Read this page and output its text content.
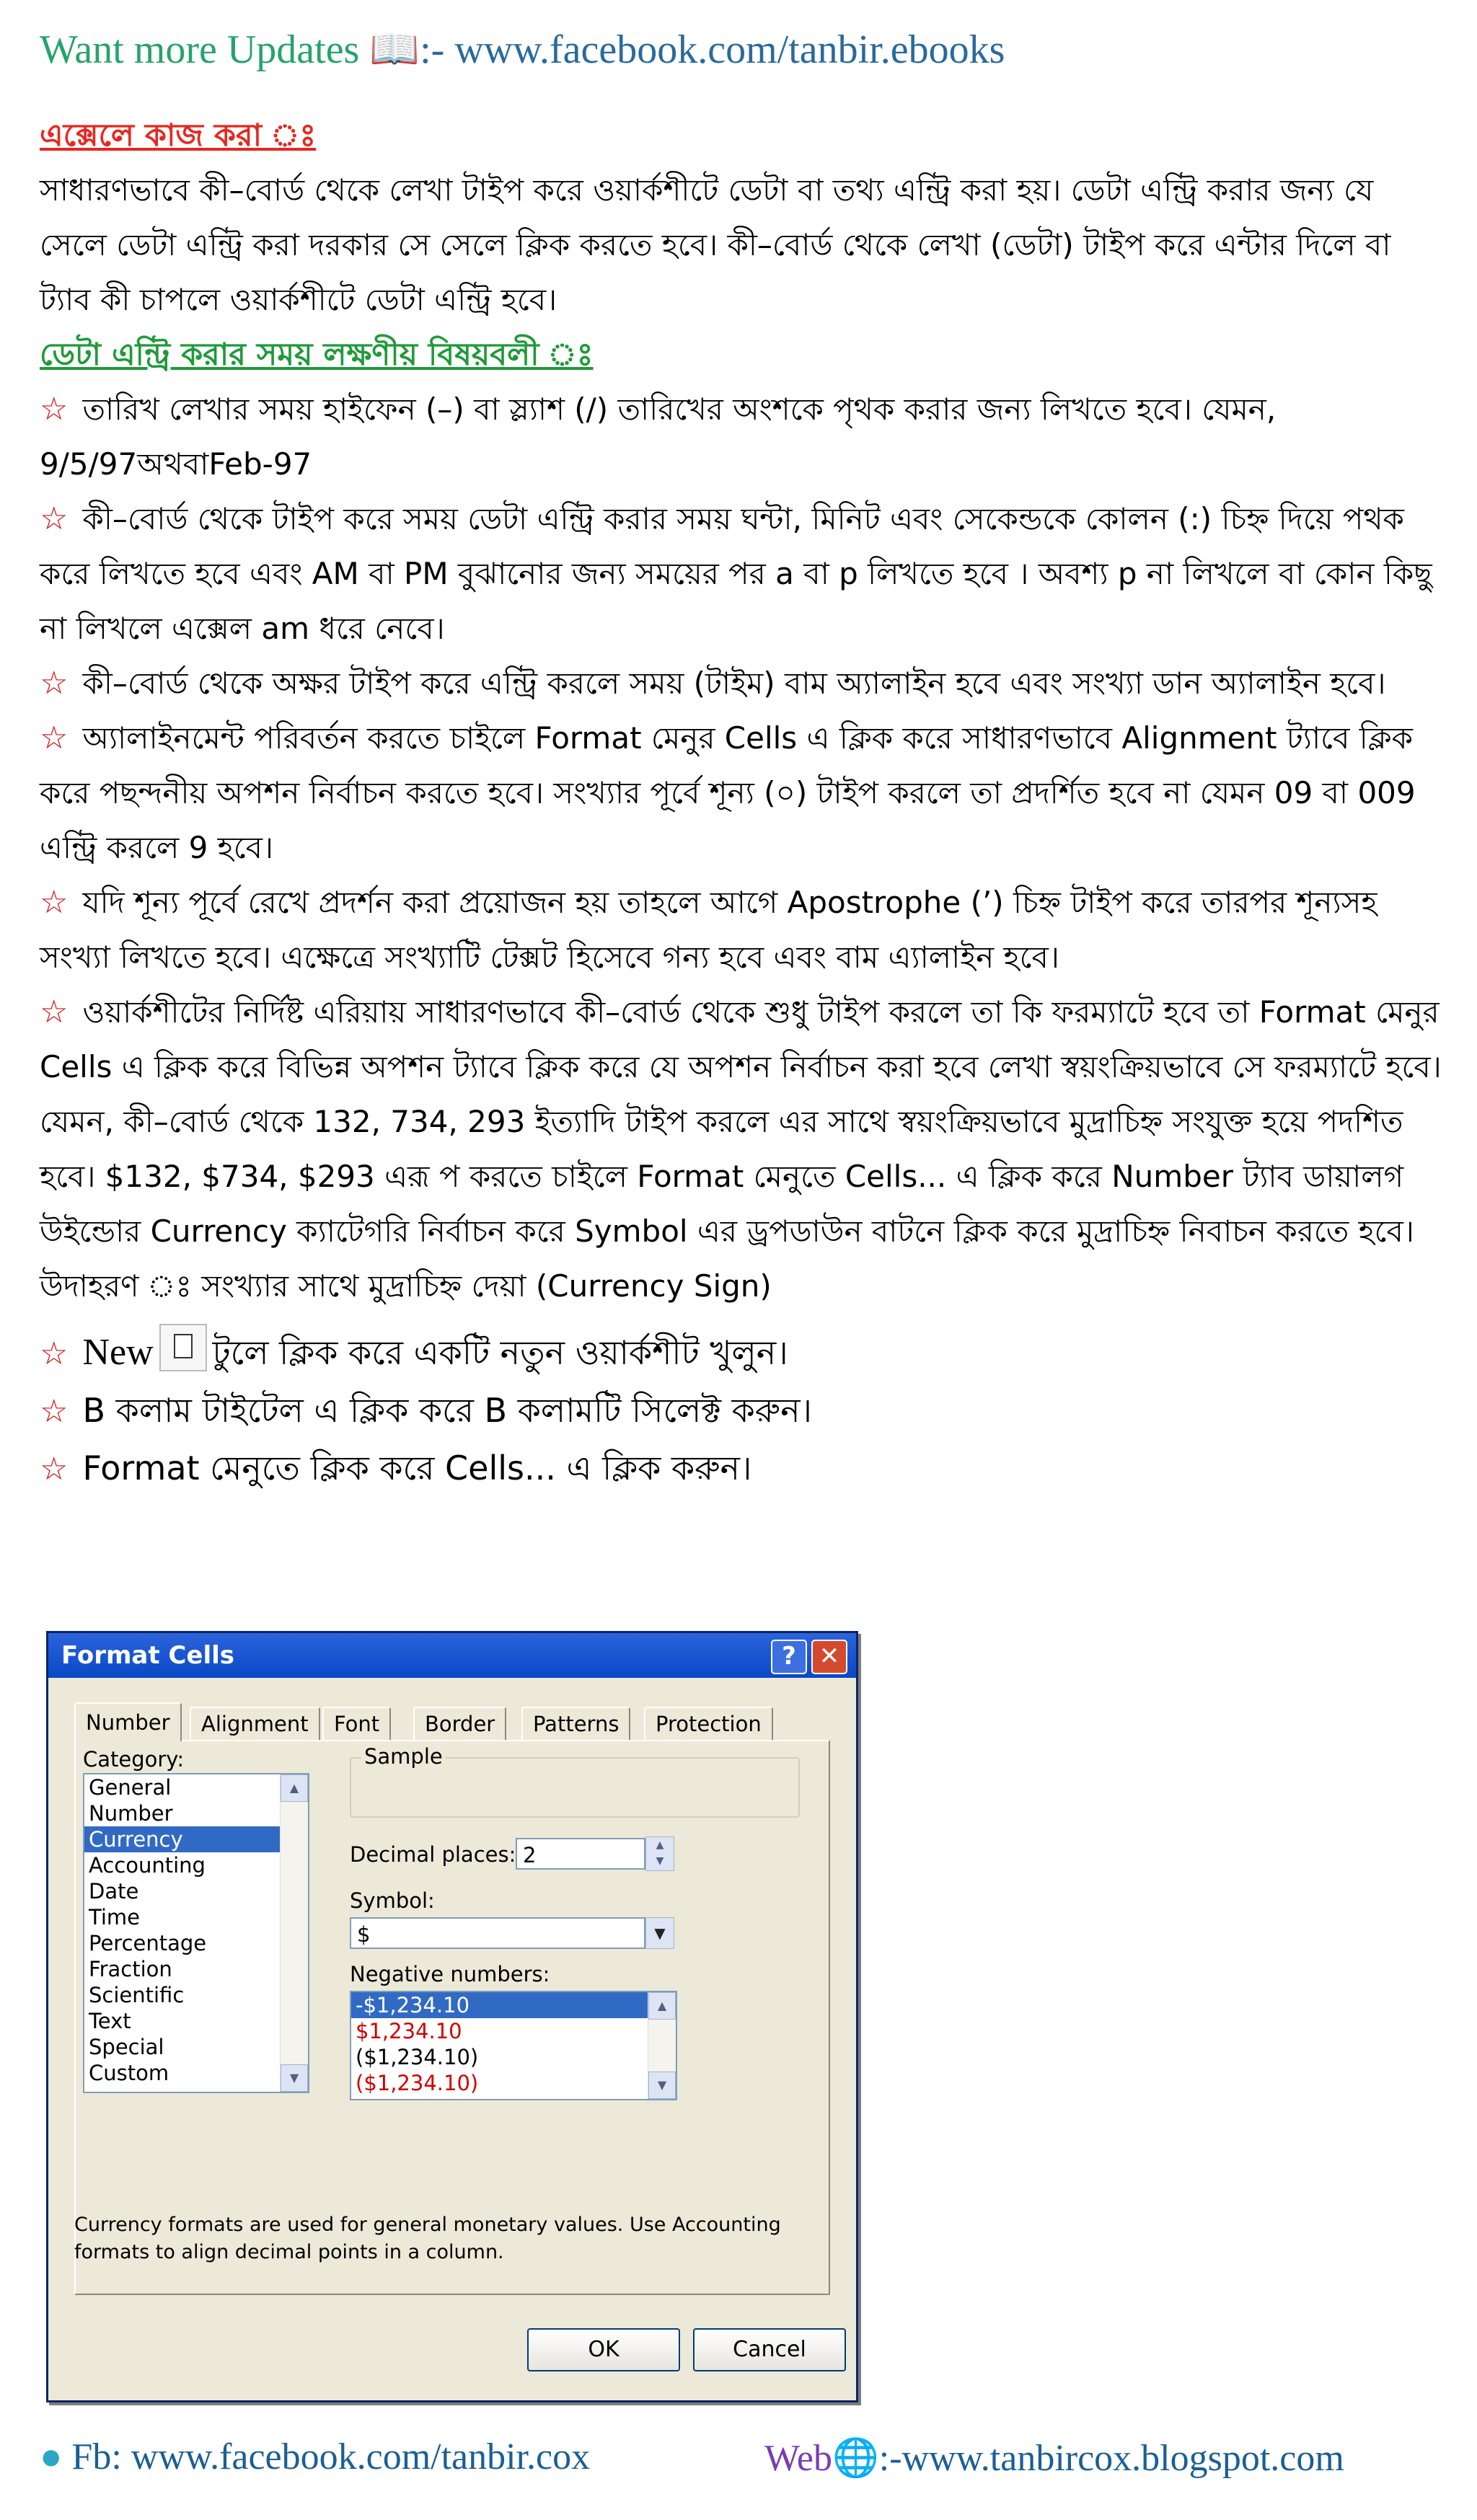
Want more Updates 📖:- www.facebook.com/tanbir.ebooks

এক্সেলে কাজ করা ঃ

সাধারণভাবে কী–বোর্ড থেকে লেখা টাইপ করে ওয়ার্কশীটে ডেটা বা তথ্য এন্ট্রি করা হয়। ডেটা এন্ট্রি করার জন্য যে সেলে ডেটা এন্ট্রি করা দরকার সে সেলে ক্লিক করতে হবে। কী–বোর্ড থেকে লেখা (ডেটা) টাইপ করে এন্টার দিলে বা ট্যাব কী চাপলে ওয়ার্কশীটে ডেটা এন্ট্রি হবে।

ডেটা এন্ট্রি করার সময় লক্ষণীয় বিষয়বলী ঃ

☆ তারিখ লেখার সময় হাইফেন (–) বা স্ল্যাশ (/) তারিখের অংশকে পৃথক করার জন্য লিখতে হবে। যেমন, 9/5/97অথবাFeb-97

☆ কী–বোর্ড থেকে টাইপ করে সময় ডেটা এন্ট্রি করার সময় ঘন্টা, মিনিট এবং সেকেন্ডকে কোলন (:) চিহ্ন দিয়ে পথক করে লিখতে হবে এবং AM বা PM বুঝানোর জন্য সময়ের পর a বা p লিখতে হবে । অবশ্য p না লিখলে বা কোন কিছু না লিখলে এক্সেল am ধরে নেবে।

☆ কী–বোর্ড থেকে অক্ষর টাইপ করে এন্ট্রি করলে সময় (টাইম) বাম অ্যালাইন হবে এবং সংখ্যা ডান অ্যালাইন হবে।

☆ অ্যালাইনমেন্ট পরিবর্তন করতে চাইলে Format মেনুর Cells এ ক্লিক করে সাধারণভাবে Alignment ট্যাবে ক্লিক করে পছন্দনীয় অপশন নির্বাচন করতে হবে। সংখ্যার পূর্বে শূন্য (০) টাইপ করলে তা প্রদর্শিত হবে না যেমন 09 বা 009 এন্ট্রি করলে 9 হবে।

☆ যদি শূন্য পূর্বে রেখে প্রদর্শন করা প্রয়োজন হয় তাহলে আগে Apostrophe (’) চিহ্ন টাইপ করে তারপর শূন্যসহ সংখ্যা লিখতে হবে। এক্ষেত্রে সংখ্যাটি টেক্সট হিসেবে গন্য হবে এবং বাম এ্যালাইন হবে।

☆ ওয়ার্কশীটের নির্দিষ্ট এরিয়ায় সাধারণভাবে কী–বোর্ড থেকে শুধু টাইপ করলে তা কি ফরম্যাটে হবে তা Format মেনুর Cells এ ক্লিক করে বিভিন্ন অপশন ট্যাবে ক্লিক করে যে অপশন নির্বাচন করা হবে লেখা স্বয়ংক্রিয়ভাবে সে ফরম্যাটে হবে। যেমন, কী–বোর্ড থেকে 132, 734, 293 ইত্যাদি টাইপ করলে এর সাথে স্বয়ংক্রিয়ভাবে মুদ্রাচিহ্ন সংযুক্ত হয়ে পদশিত হবে। $132, $734, $293 এরূ প করতে চাইলে Format মেনুতে Cells... এ ক্লিক করে Number ট্যাব ডায়ালগ উইন্ডোর Currency ক্যাটেগরি নির্বাচন করে Symbol এর ড্রপডাউন বাটনে ক্লিক করে মুদ্রাচিহ্ন নিবাচন করতে হবে।

উদাহরণ ঃ সংখ্যার সাথে মুদ্রাচিহ্ন দেয়া (Currency Sign)

☆ New টুলে ক্লিক করে একটি নতুন ওয়ার্কশীট খুলুন।

☆ B কলাম টাইটেল এ ক্লিক করে B কলামটি সিলেক্ট করুন।

☆ Format মেনুতে ক্লিক করে Cells... এ ক্লিক করুন।

Format Cells	? ✕
Number	Alignment	Font	Border	Patterns	Protection
Category:
General
Number
Currency
Accounting
Date
Time
Percentage
Fraction
Scientific
Text
Special
Custom
▲
▼
Sample
Decimal places: 2	▲
▼
Symbol:
$	▼
Negative numbers:
-$1,234.10
$1,234.10
($1,234.10)
($1,234.10)
▲
▼
Currency formats are used for general monetary values. Use Accounting formats to align decimal points in a column.
OK	Cancel
● Fb: www.facebook.com/tanbir.cox	Web🌐:-www.tanbircox.blogspot.com
